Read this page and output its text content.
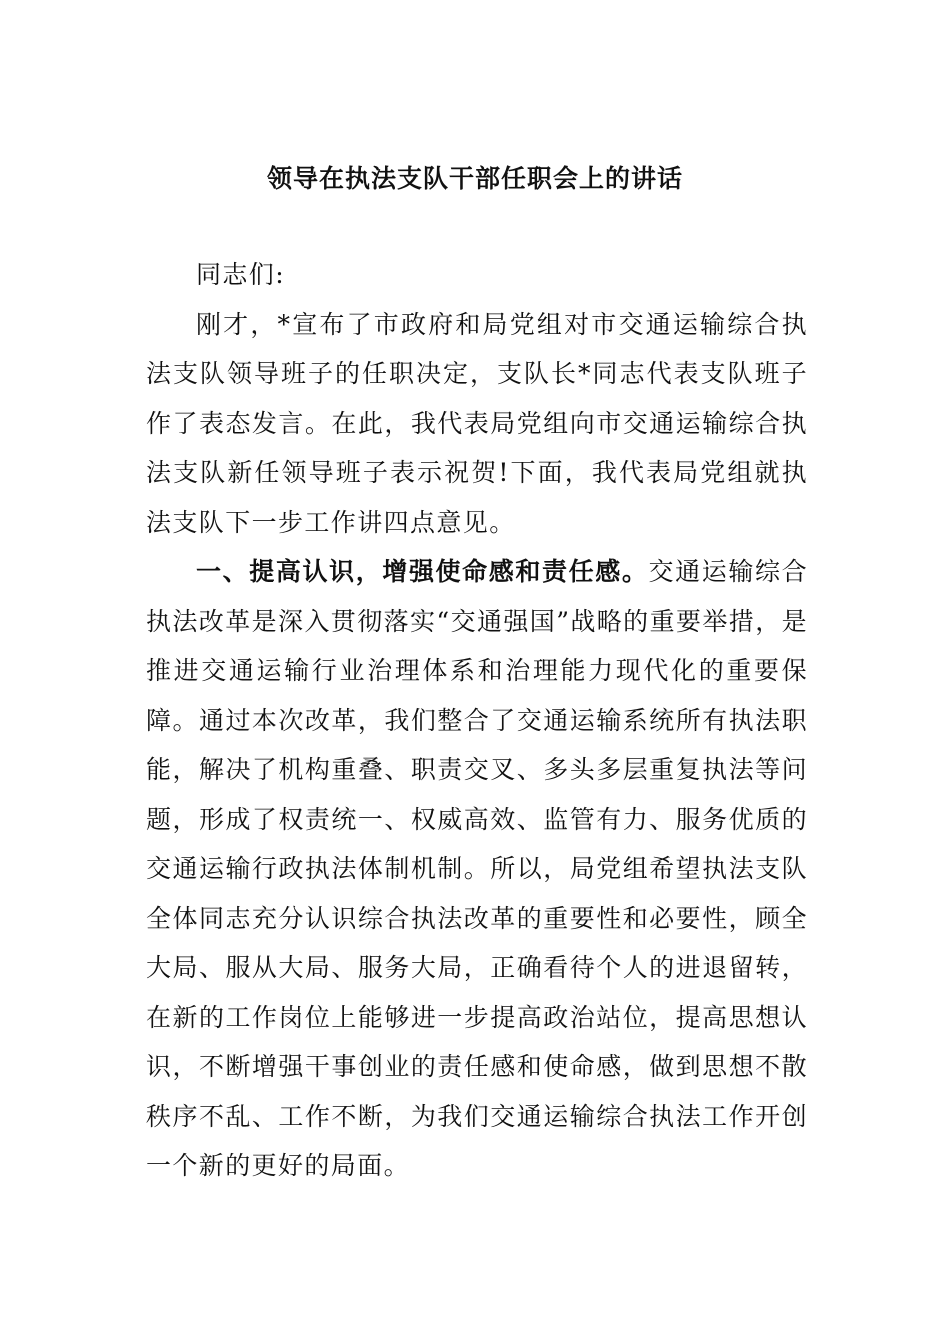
领导在执法支队干部任职会上的讲话

同志们:

刚才，*宣布了市政府和局党组对市交通运输综合执法支队领导班子的任职决定，支队长*同志代表支队班子作了表态发言。在此，我代表局党组向市交通运输综合执法支队新任领导班子表示祝贺!下面，我代表局党组就执法支队下一步工作讲四点意见。

一、提高认识，增强使命感和责任感。交通运输综合执法改革是深入贯彻落实“交通强国”战略的重要举措，是推进交通运输行业治理体系和治理能力现代化的重要保障。通过本次改革，我们整合了交通运输系统所有执法职能，解决了机构重叠、职责交叉、多头多层重复执法等问题，形成了权责统一、权威高效、监管有力、服务优质的交通运输行政执法体制机制。所以，局党组希望执法支队全体同志充分认识综合执法改革的重要性和必要性，顾全大局、服从大局、服务大局，正确看待个人的进退留转，在新的工作岗位上能够进一步提高政治站位，提高思想认识，不断增强干事创业的责任感和使命感，做到思想不散秩序不乱、工作不断，为我们交通运输综合执法工作开创一个新的更好的局面。
